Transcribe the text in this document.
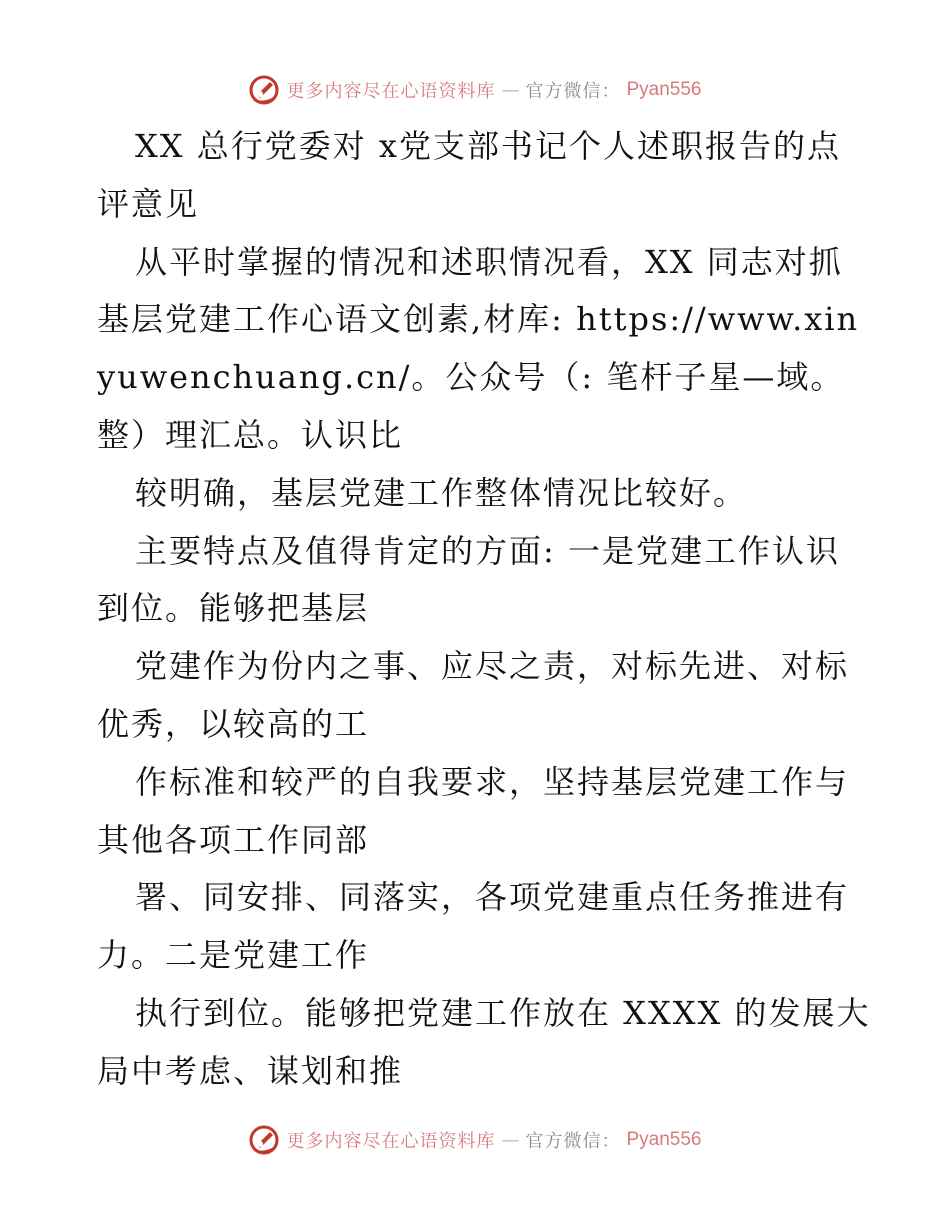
更多内容尽在心语资料库 — 官方微信： Pyan556
XX 总行党委对 x党支部书记个人述职报告的点
评意见
从平时掌握的情况和述职情况看，XX 同志对抓
基层党建工作心语文创素,材库: https://www.xin
yuwenchuang.cn/。公众号（: 笔杆子星—域。
整）理汇总。认识比
较明确，基层党建工作整体情况比较好。
主要特点及值得肯定的方面: 一是党建工作认识
到位。能够把基层
党建作为份内之事、应尽之责，对标先进、对标
优秀，以较高的工
作标准和较严的自我要求，坚持基层党建工作与
其他各项工作同部
署、同安排、同落实，各项党建重点任务推进有
力。二是党建工作
执行到位。能够把党建工作放在 XXXX 的发展大
局中考虑、谋划和推
更多内容尽在心语资料库 — 官方微信： Pyan556
